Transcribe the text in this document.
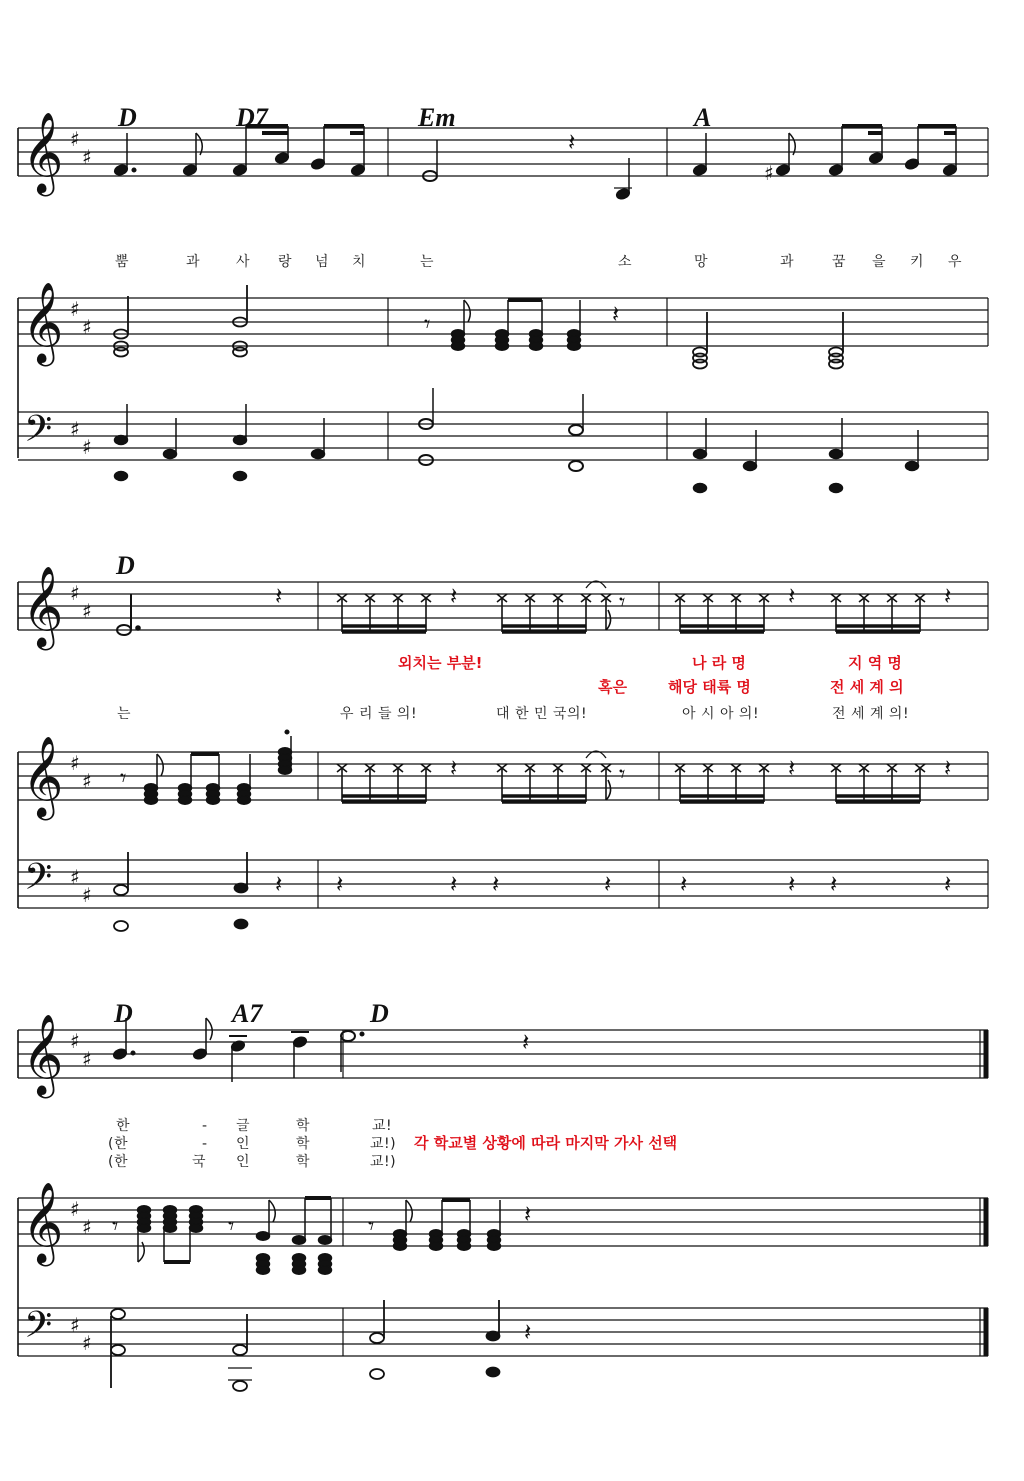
D	D7	Em	A
𝄞 ♯
♯
♯
𝄽
뿜	과	사 랑 넘 치	는	소	망	과	꿈 을 키 우
𝄞 ♯
♯	𝄽
𝄾
𝄢 ♯
♯
D
𝄞 ♯
♯
𝄽	𝄽	𝄾	𝄽	𝄽
외치는 부분!	나 라 명	지 역 명
혹은	해당 태륙 명	전 세 계 의
는	우 리 들 의!	대 한 민 국의!	아 시 아 의!	전 세 계 의!
𝄞 ♯
♯ 𝄾	𝄽	𝄾	𝄽	𝄽
𝄢 ♯
♯	𝄽 𝄽	𝄽 𝄽	𝄽	𝄽	𝄽 𝄽	𝄽
D	A7	D
𝄞 ♯
♯
𝄽
한	- 글	학	교!
(한	- 인	학	교!)
(한	국 인	학	교!)
각 학교별 상황에 따라 마지막 가사 선택
𝄞 ♯
♯ 𝄾	𝄾	𝄾	𝄽
𝄢 ♯
♯	𝄽
